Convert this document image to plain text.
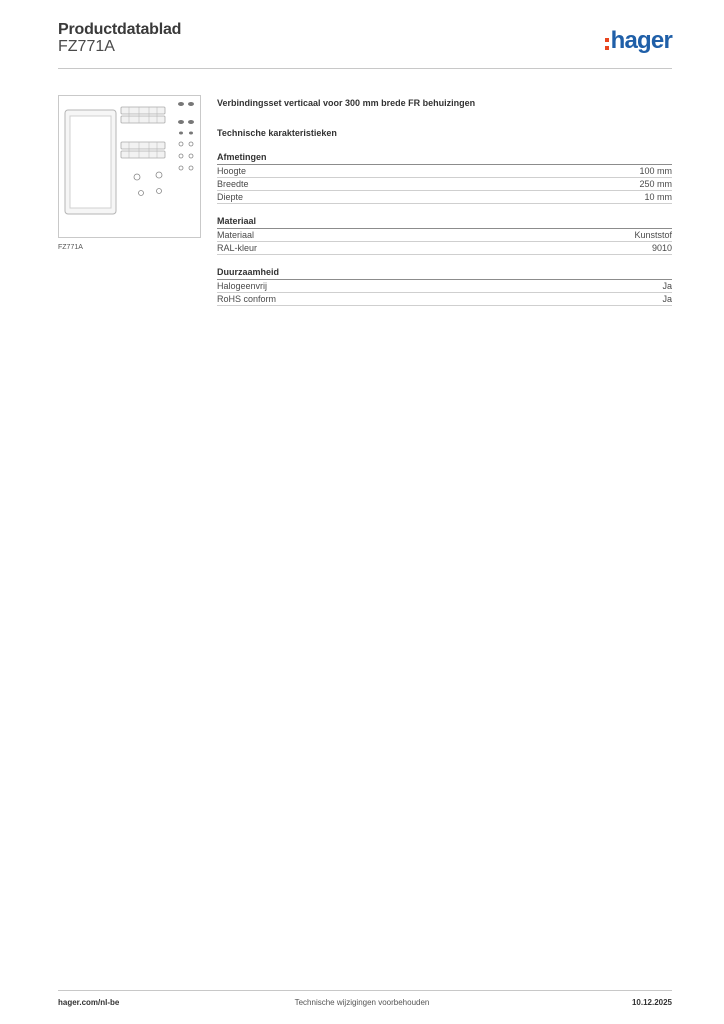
Productdatablad
FZ771A	hager
FZ771A
Verbindingsset verticaal voor 300 mm brede FR behuizingen
Technische karakteristieken
Afmetingen
Hoogte	100 mm
Breedte	250 mm
Diepte	10 mm
Materiaal
Materiaal	Kunststof
RAL-kleur	9010
Duurzaamheid
Halogeenvrij	Ja
RoHS conform	Ja
hager.com/nl-be	Technische wijzigingen voorbehouden	10.12.2025
